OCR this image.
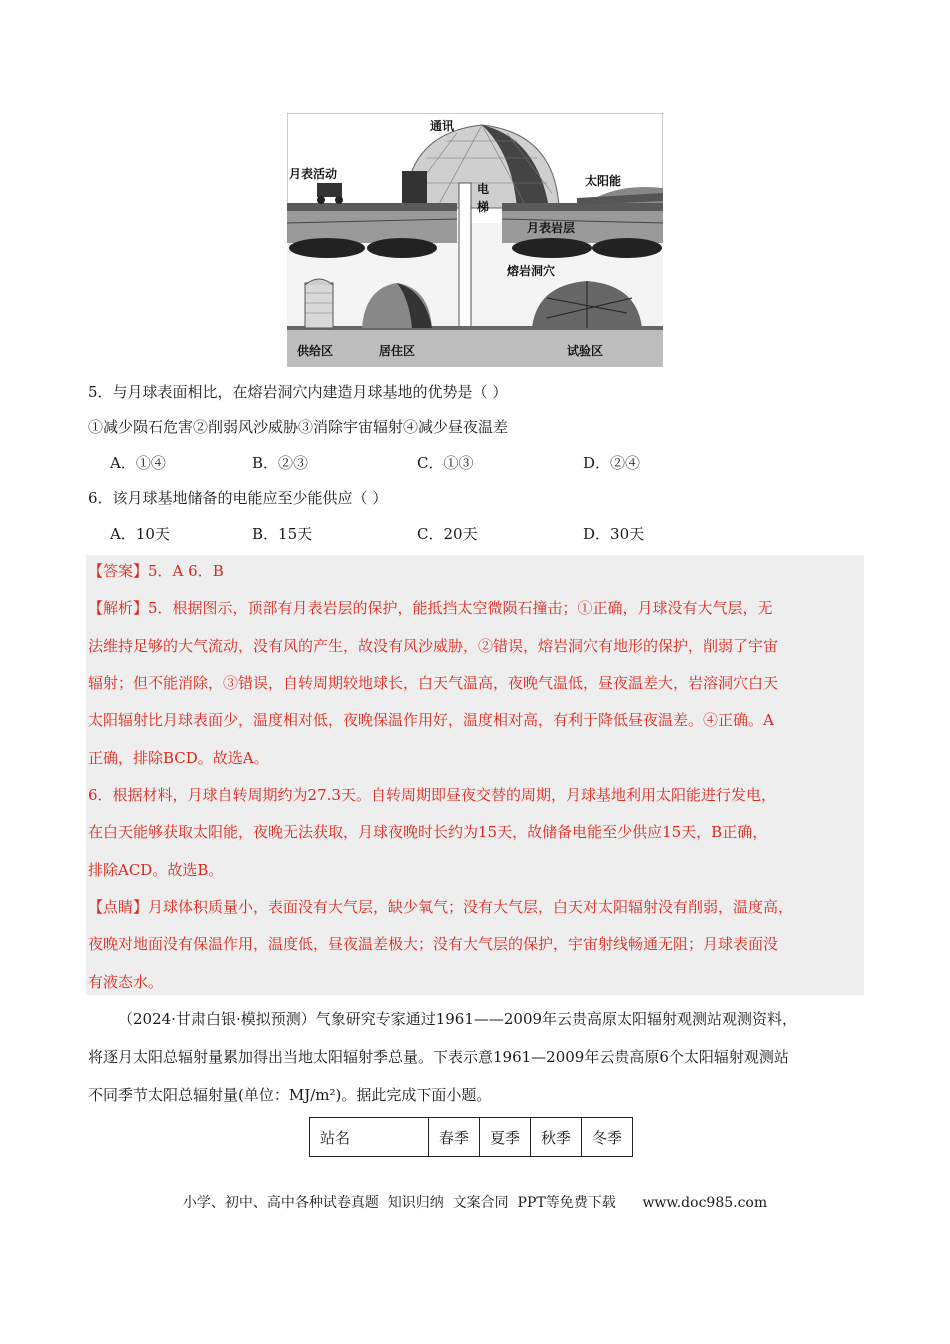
通讯
月表活动
电
梯
太阳能
月表岩层
熔岩洞穴
供给区	居住区	试验区
5．与月球表面相比，在熔岩洞穴内建造月球基地的优势是（ ）
①减少陨石危害②削弱风沙威胁③消除宇宙辐射④减少昼夜温差
A．①④	B．②③	C．①③	D．②④
6．该月球基地储备的电能应至少能供应（ ）
A．10天	B．15天	C．20天	D．30天
【答案】5．A 6．B
【解析】5．根据图示，顶部有月表岩层的保护，能抵挡太空微陨石撞击；①正确，月球没有大气层，无
法维持足够的大气流动，没有风的产生，故没有风沙威胁，②错误，熔岩洞穴有地形的保护，削弱了宇宙
辐射；但不能消除，③错误，自转周期较地球长，白天气温高，夜晚气温低，昼夜温差大，岩溶洞穴白天
太阳辐射比月球表面少，温度相对低，夜晚保温作用好，温度相对高，有利于降低昼夜温差。④正确。A
正确，排除BCD。故选A。
6．根据材料，月球自转周期约为27.3天。自转周期即昼夜交替的周期，月球基地利用太阳能进行发电，
在白天能够获取太阳能，夜晚无法获取，月球夜晚时长约为15天，故储备电能至少供应15天，B正确，
排除ACD。故选B。
【点睛】月球体积质量小，表面没有大气层，缺少氧气；没有大气层，白天对太阳辐射没有削弱，温度高，
夜晚对地面没有保温作用，温度低，昼夜温差极大；没有大气层的保护，宇宙射线畅通无阻；月球表面没
有液态水。
（2024·甘肃白银·模拟预测）气象研究专家通过1961——2009年云贵高原太阳辐射观测站观测资料，
将逐月太阳总辐射量累加得出当地太阳辐射季总量。下表示意1961—2009年云贵高原6个太阳辐射观测站
不同季节太阳总辐射量(单位：MJ/m²)。据此完成下面小题。
站名	春季	夏季	秋季	冬季
小学、初中、高中各种试卷真题  知识归纳  文案合同  PPT等免费下载      www.doc985.com
